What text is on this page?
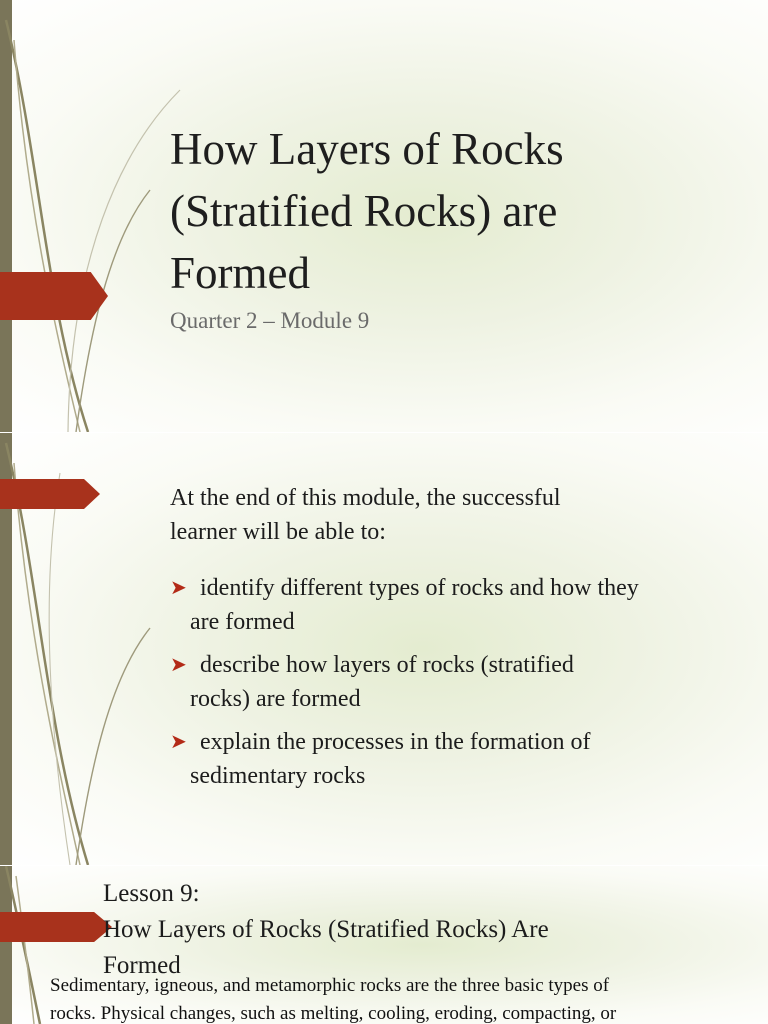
How Layers of Rocks
(Stratified Rocks) are
Formed
Quarter 2 – Module 9
At the end of this module, the successful
learner will be able to:
➤ identify different types of rocks and how they
are formed
➤ describe how layers of rocks (stratified
rocks) are formed
➤ explain the processes in the formation of
sedimentary rocks
Lesson 9:
How Layers of Rocks (Stratified Rocks) Are
Formed
Sedimentary, igneous, and metamorphic rocks are the three basic types of
rocks. Physical changes, such as melting, cooling, eroding, compacting, or
